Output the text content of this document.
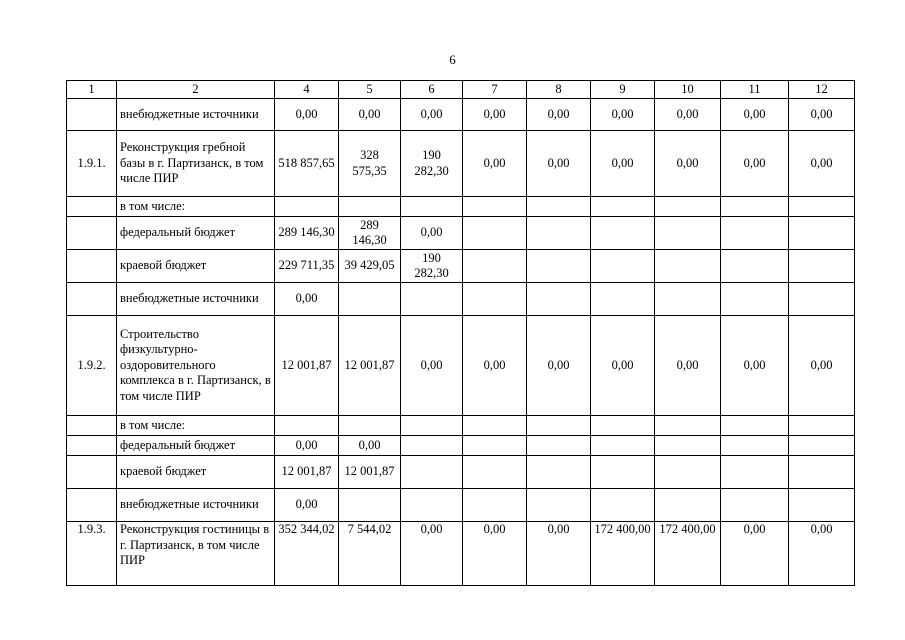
6
1	2	4	5	6	7	8	9	10	11	12
	внебюджетные источники	0,00	0,00	0,00	0,00	0,00	0,00	0,00	0,00	0,00
1.9.1.	Реконструкция гребной базы в г. Партизанск, в том числе ПИР	518 857,65	328 575,35	190 282,30	0,00	0,00	0,00	0,00	0,00	0,00
	в том числе:									
	федеральный бюджет	289 146,30	289 146,30	0,00						
	краевой бюджет	229 711,35	39 429,05	190 282,30						
	внебюджетные источники	0,00								
1.9.2.	Строительство физкультурно-оздоровительного комплекса в г. Партизанск, в том числе ПИР	12 001,87	12 001,87	0,00	0,00	0,00	0,00	0,00	0,00	0,00
	в том числе:									
	федеральный бюджет	0,00	0,00							
	краевой бюджет	12 001,87	12 001,87							
	внебюджетные источники	0,00								
1.9.3.	Реконструкция гостиницы в г. Партизанск, в том числе ПИР	352 344,02	7 544,02	0,00	0,00	0,00	172 400,00	172 400,00	0,00	0,00
